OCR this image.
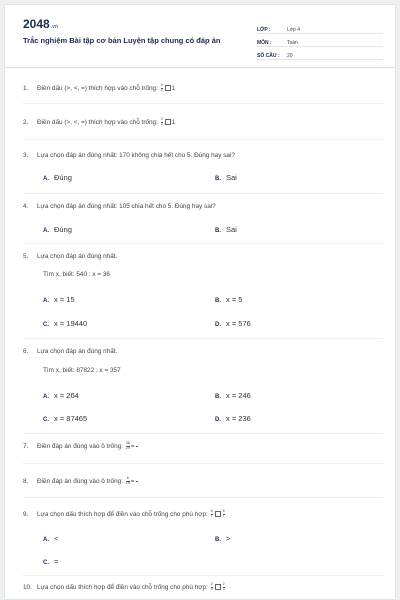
2048.vn
Trắc nghiệm Bài tập cơ bản Luyện tập chung có đáp án
LỚP :	Lớp 4
MÔN :	Toán
SỐ CÂU :	20
1. Điền dấu (>, <, =) thích hợp vào chỗ trống: $\frac{3}{2} 1$
2. Điền dấu (>, <, =) thích hợp vào chỗ trống: $\frac{3}{2} 1$
3. Lựa chọn đáp án đúng nhất: 170 không chia hết cho 5. Đúng hay sai?
A. Đúng	B. Sai
4. Lựa chọn đáp án đúng nhất: 105 chia hết cho 5. Đúng hay sai?
A. Đúng	B. Sai
5. Lựa chọn đáp án đúng nhất.
Tìm x, biết: 540 : x = 36
A. x = 15	B. x = 5
C. x = 19440	D. x = 576
6. Lựa chọn đáp án đúng nhất.
Tìm x, biết: 87822 : x = 357
A. x = 264	B. x = 246
C. x = 87465	D. x = 236
7. Điền đáp án đúng vào ô trống: $\frac{36}{24}$ =

8. Điền đáp án đúng vào ô trống: $\frac{6}{15}$ =

9. Lựa chọn dấu thích hợp để điền vào chỗ trống cho phù hợp: $\frac{5}{7}$	$\frac{5}{7}$
A. <	B. >
C. =
10. Lựa chọn dấu thích hợp để điền vào chỗ trống cho phù hợp: $\frac{2}{3}$	$\frac{2}{3}$
